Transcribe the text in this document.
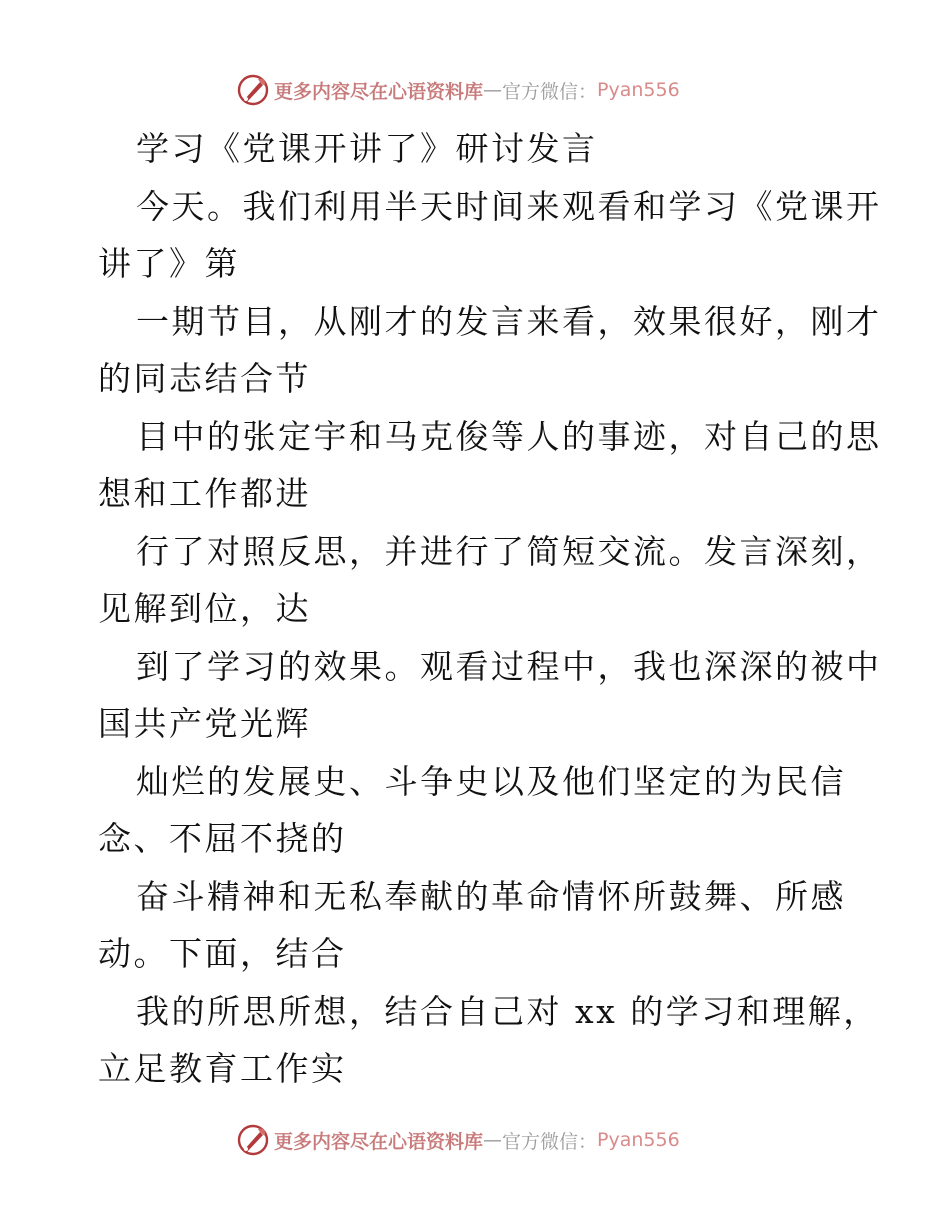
更多内容尽在心语资料库 — 官方微信： Pyan556
学习《党课开讲了》研讨发言
今天。我们利用半天时间来观看和学习《党课开
讲了》第
一期节目，从刚才的发言来看，效果很好，刚才
的同志结合节
目中的张定宇和马克俊等人的事迹，对自己的思
想和工作都进
行了对照反思，并进行了简短交流。发言深刻，
见解到位，达
到了学习的效果。观看过程中，我也深深的被中
国共产党光辉
灿烂的发展史、斗争史以及他们坚定的为民信
念、不屈不挠的
奋斗精神和无私奉献的革命情怀所鼓舞、所感
动。下面，结合
我的所思所想，结合自己对 xx 的学习和理解，
立足教育工作实
更多内容尽在心语资料库 — 官方微信： Pyan556
